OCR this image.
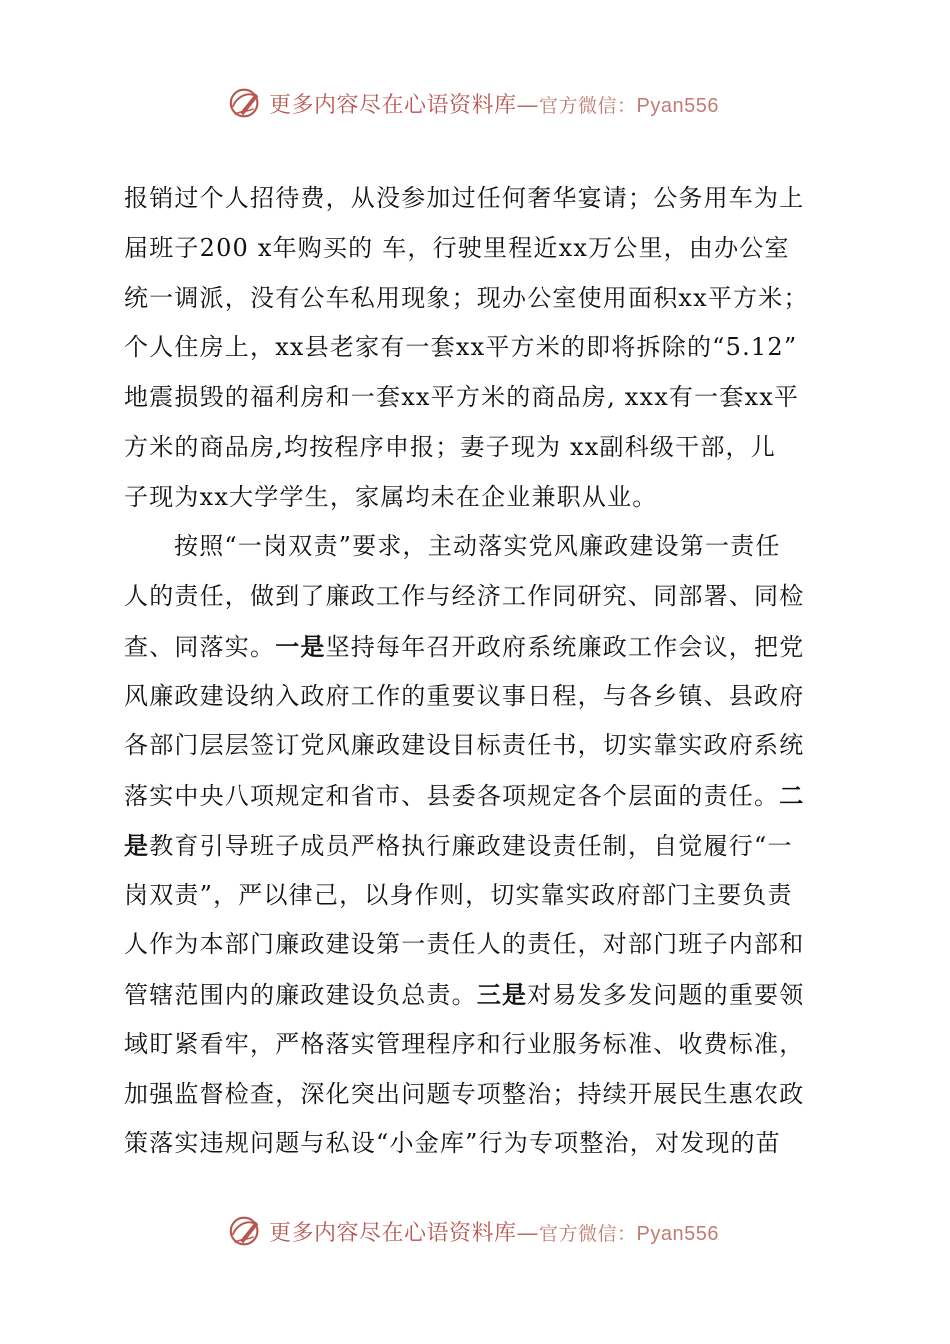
更多内容尽在心语资料库—官方微信：Pyan556
报销过个人招待费，从没参加过任何奢华宴请；公务用车为上
届班子200 x年购买的 车，行驶里程近xx万公里，由办公室
统一调派，没有公车私用现象；现办公室使用面积xx平方米；
个人住房上，xx县老家有一套xx平方米的即将拆除的“5.12”
地震损毁的福利房和一套xx平方米的商品房, xxx有一套xx平
方米的商品房,均按程序申报；妻子现为 xx副科级干部，儿
子现为xx大学学生，家属均未在企业兼职从业。
按照“一岗双责”要求，主动落实党风廉政建设第一责任
人的责任，做到了廉政工作与经济工作同研究、同部署、同检
查、同落实。一是坚持每年召开政府系统廉政工作会议，把党
风廉政建设纳入政府工作的重要议事日程，与各乡镇、县政府
各部门层层签订党风廉政建设目标责任书，切实靠实政府系统
落实中央八项规定和省市、县委各项规定各个层面的责任。二
是教育引导班子成员严格执行廉政建设责任制，自觉履行“一
岗双责”，严以律己，以身作则，切实靠实政府部门主要负责
人作为本部门廉政建设第一责任人的责任，对部门班子内部和
管辖范围内的廉政建设负总责。三是对易发多发问题的重要领
域盯紧看牢，严格落实管理程序和行业服务标准、收费标准，
加强监督检查，深化突出问题专项整治；持续开展民生惠农政
策落实违规问题与私设“小金库”行为专项整治，对发现的苗
更多内容尽在心语资料库—官方微信：Pyan556
